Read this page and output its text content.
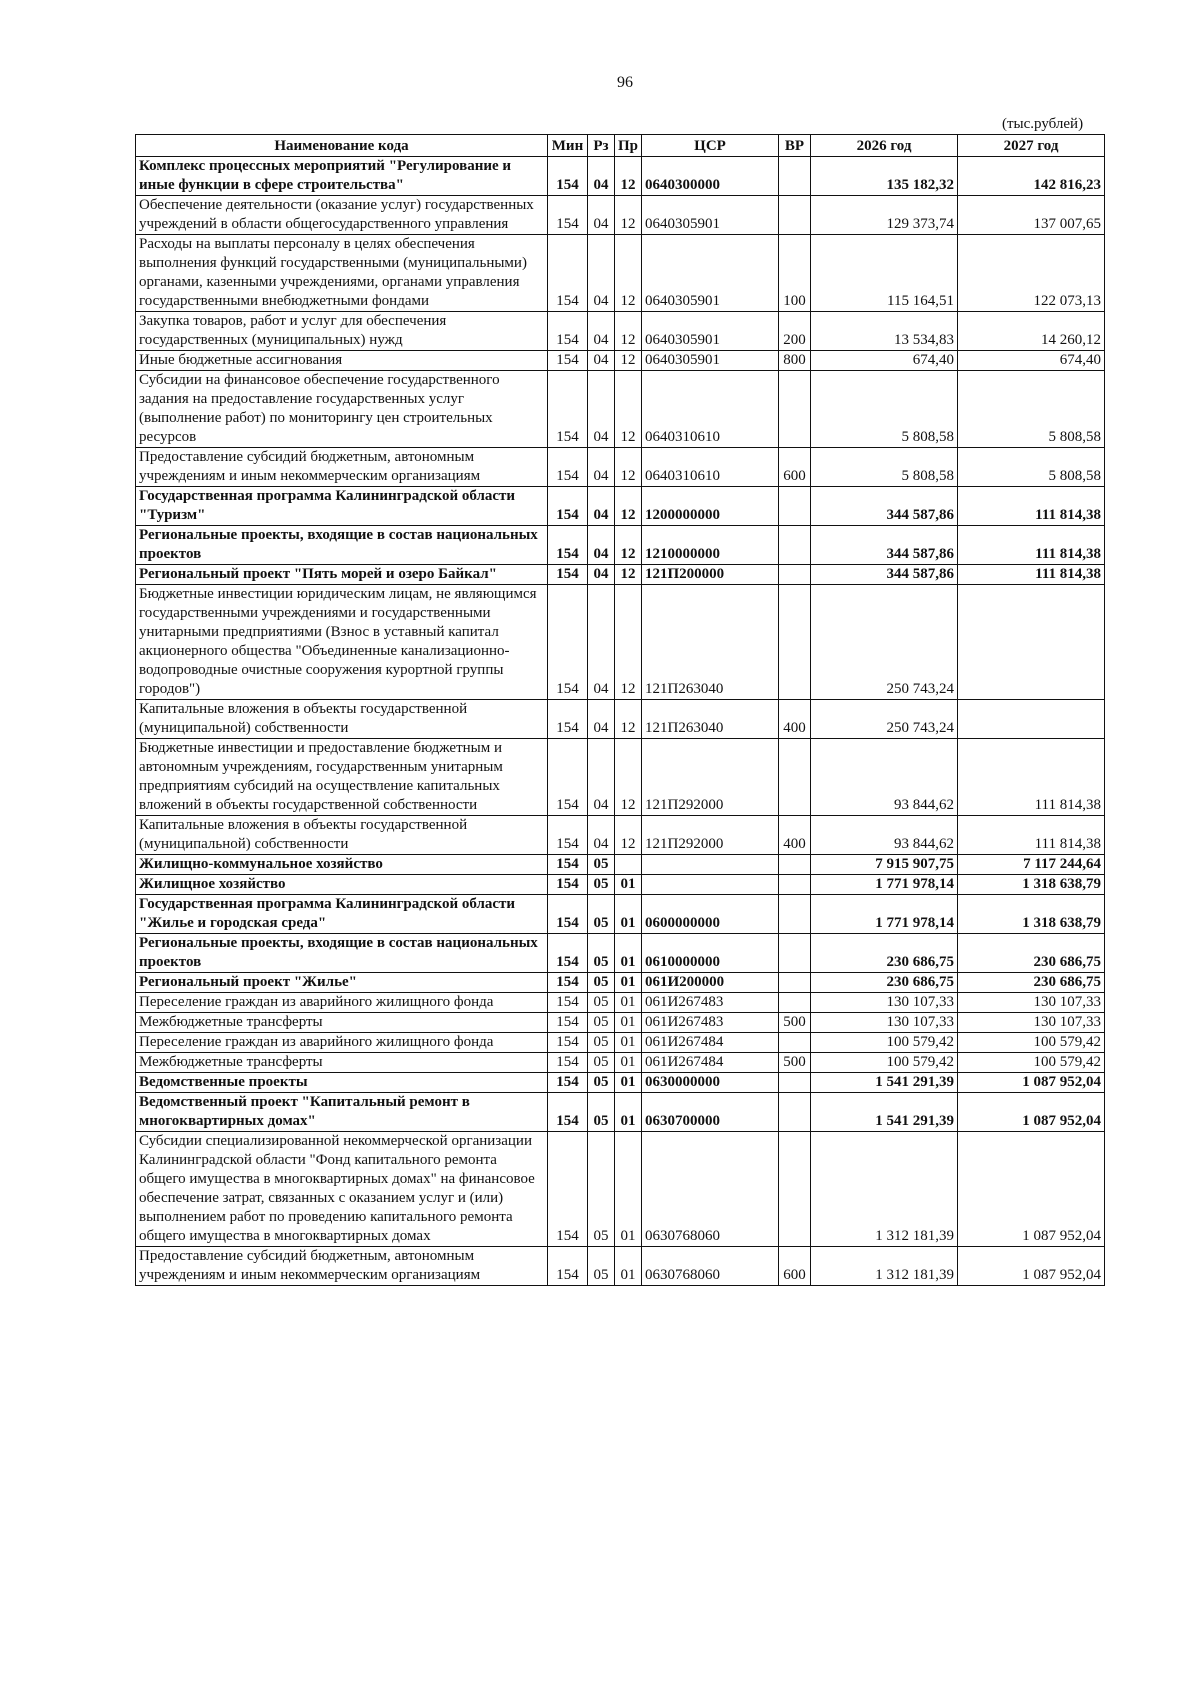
96
(тыс.рублей)
Наименование кода	Мин	Рз	Пр	ЦСР	ВР	2026 год	2027 год
Комплекс процессных мероприятий "Регулирование и иные функции в сфере строительства"	154	04	12	0640300000		135 182,32	142 816,23
Обеспечение деятельности (оказание услуг) государственных учреждений в области общегосударственного управления	154	04	12	0640305901		129 373,74	137 007,65
Расходы на выплаты персоналу в целях обеспечения выполнения функций государственными (муниципальными) органами, казенными учреждениями, органами управления государственными внебюджетными фондами	154	04	12	0640305901	100	115 164,51	122 073,13
Закупка товаров, работ и услуг для обеспечения государственных (муниципальных) нужд	154	04	12	0640305901	200	13 534,83	14 260,12
Иные бюджетные ассигнования	154	04	12	0640305901	800	674,40	674,40
Субсидии на финансовое обеспечение государственного задания на предоставление государственных услуг (выполнение работ) по мониторингу цен строительных ресурсов	154	04	12	0640310610		5 808,58	5 808,58
Предоставление субсидий бюджетным, автономным учреждениям и иным некоммерческим организациям	154	04	12	0640310610	600	5 808,58	5 808,58
Государственная программа Калининградской области "Туризм"	154	04	12	1200000000		344 587,86	111 814,38
Региональные проекты, входящие в состав национальных проектов	154	04	12	1210000000		344 587,86	111 814,38
Региональный проект "Пять морей и озеро Байкал"	154	04	12	121П200000		344 587,86	111 814,38
Бюджетные инвестиции юридическим лицам, не являющимся государственными учреждениями и государственными унитарными предприятиями (Взнос в уставный капитал акционерного общества "Объединенные канализационно-водопроводные очистные сооружения курортной группы городов")	154	04	12	121П263040		250 743,24	
Капитальные вложения в объекты государственной (муниципальной) собственности	154	04	12	121П263040	400	250 743,24	
Бюджетные инвестиции и предоставление бюджетным и автономным учреждениям, государственным унитарным предприятиям субсидий на осуществление капитальных вложений в объекты государственной собственности	154	04	12	121П292000		93 844,62	111 814,38
Капитальные вложения в объекты государственной (муниципальной) собственности	154	04	12	121П292000	400	93 844,62	111 814,38
Жилищно-коммунальное хозяйство	154	05				7 915 907,75	7 117 244,64
Жилищное хозяйство	154	05	01			1 771 978,14	1 318 638,79
Государственная программа Калининградской области "Жилье и городская среда"	154	05	01	0600000000		1 771 978,14	1 318 638,79
Региональные проекты, входящие в состав национальных проектов	154	05	01	0610000000		230 686,75	230 686,75
Региональный проект "Жилье"	154	05	01	061И200000		230 686,75	230 686,75
Переселение граждан из аварийного жилищного фонда	154	05	01	061И267483		130 107,33	130 107,33
Межбюджетные трансферты	154	05	01	061И267483	500	130 107,33	130 107,33
Переселение граждан из аварийного жилищного фонда	154	05	01	061И267484		100 579,42	100 579,42
Межбюджетные трансферты	154	05	01	061И267484	500	100 579,42	100 579,42
Ведомственные проекты	154	05	01	0630000000		1 541 291,39	1 087 952,04
Ведомственный проект "Капитальный ремонт в многоквартирных домах"	154	05	01	0630700000		1 541 291,39	1 087 952,04
Субсидии специализированной некоммерческой организации Калининградской области "Фонд капитального ремонта общего имущества в многоквартирных домах" на финансовое обеспечение затрат, связанных с оказанием услуг и (или) выполнением работ по проведению капитального ремонта общего имущества в многоквартирных домах	154	05	01	0630768060		1 312 181,39	1 087 952,04
Предоставление субсидий бюджетным, автономным учреждениям и иным некоммерческим организациям	154	05	01	0630768060	600	1 312 181,39	1 087 952,04
